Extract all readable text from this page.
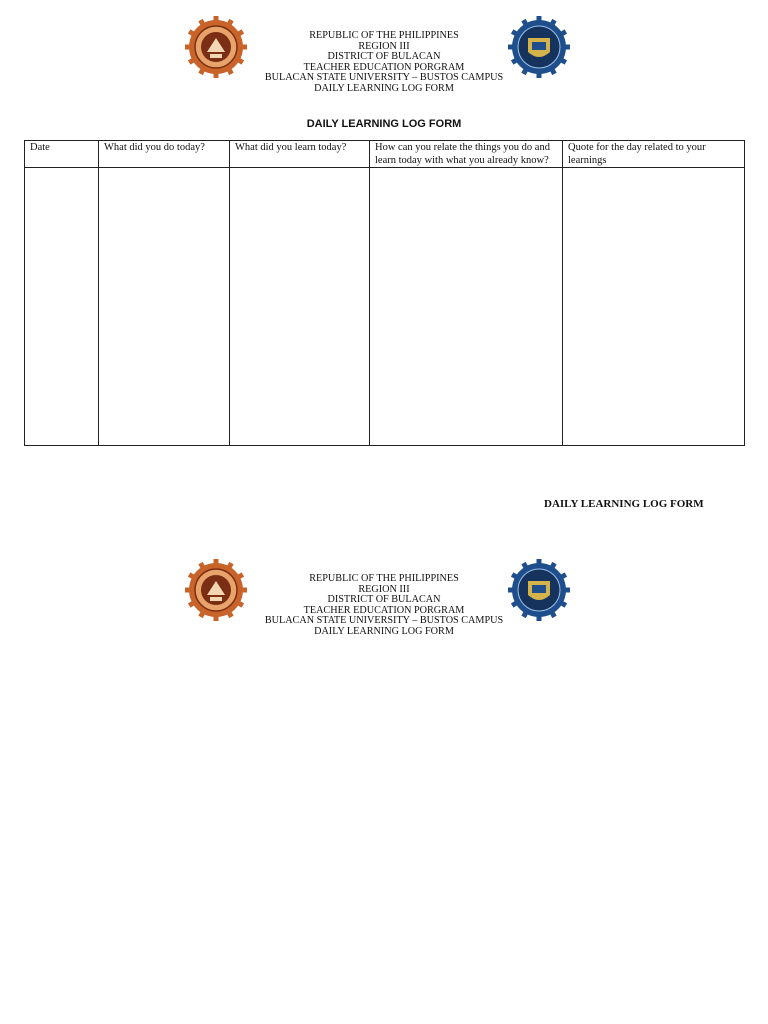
REPUBLIC OF THE PHILIPPINES
REGION III
DISTRICT OF BULACAN
TEACHER EDUCATION PORGRAM
BULACAN STATE UNIVERSITY – BUSTOS CAMPUS
DAILY LEARNING LOG FORM
DAILY LEARNING LOG FORM
Date	What did you do today?	What did you learn today?	How can you relate the things you do and learn today with what you already know?	Quote for the day related to your learnings

DAILY LEARNING LOG FORM
REPUBLIC OF THE PHILIPPINES
REGION III
DISTRICT OF BULACAN
TEACHER EDUCATION PORGRAM
BULACAN STATE UNIVERSITY – BUSTOS CAMPUS
DAILY LEARNING LOG FORM
